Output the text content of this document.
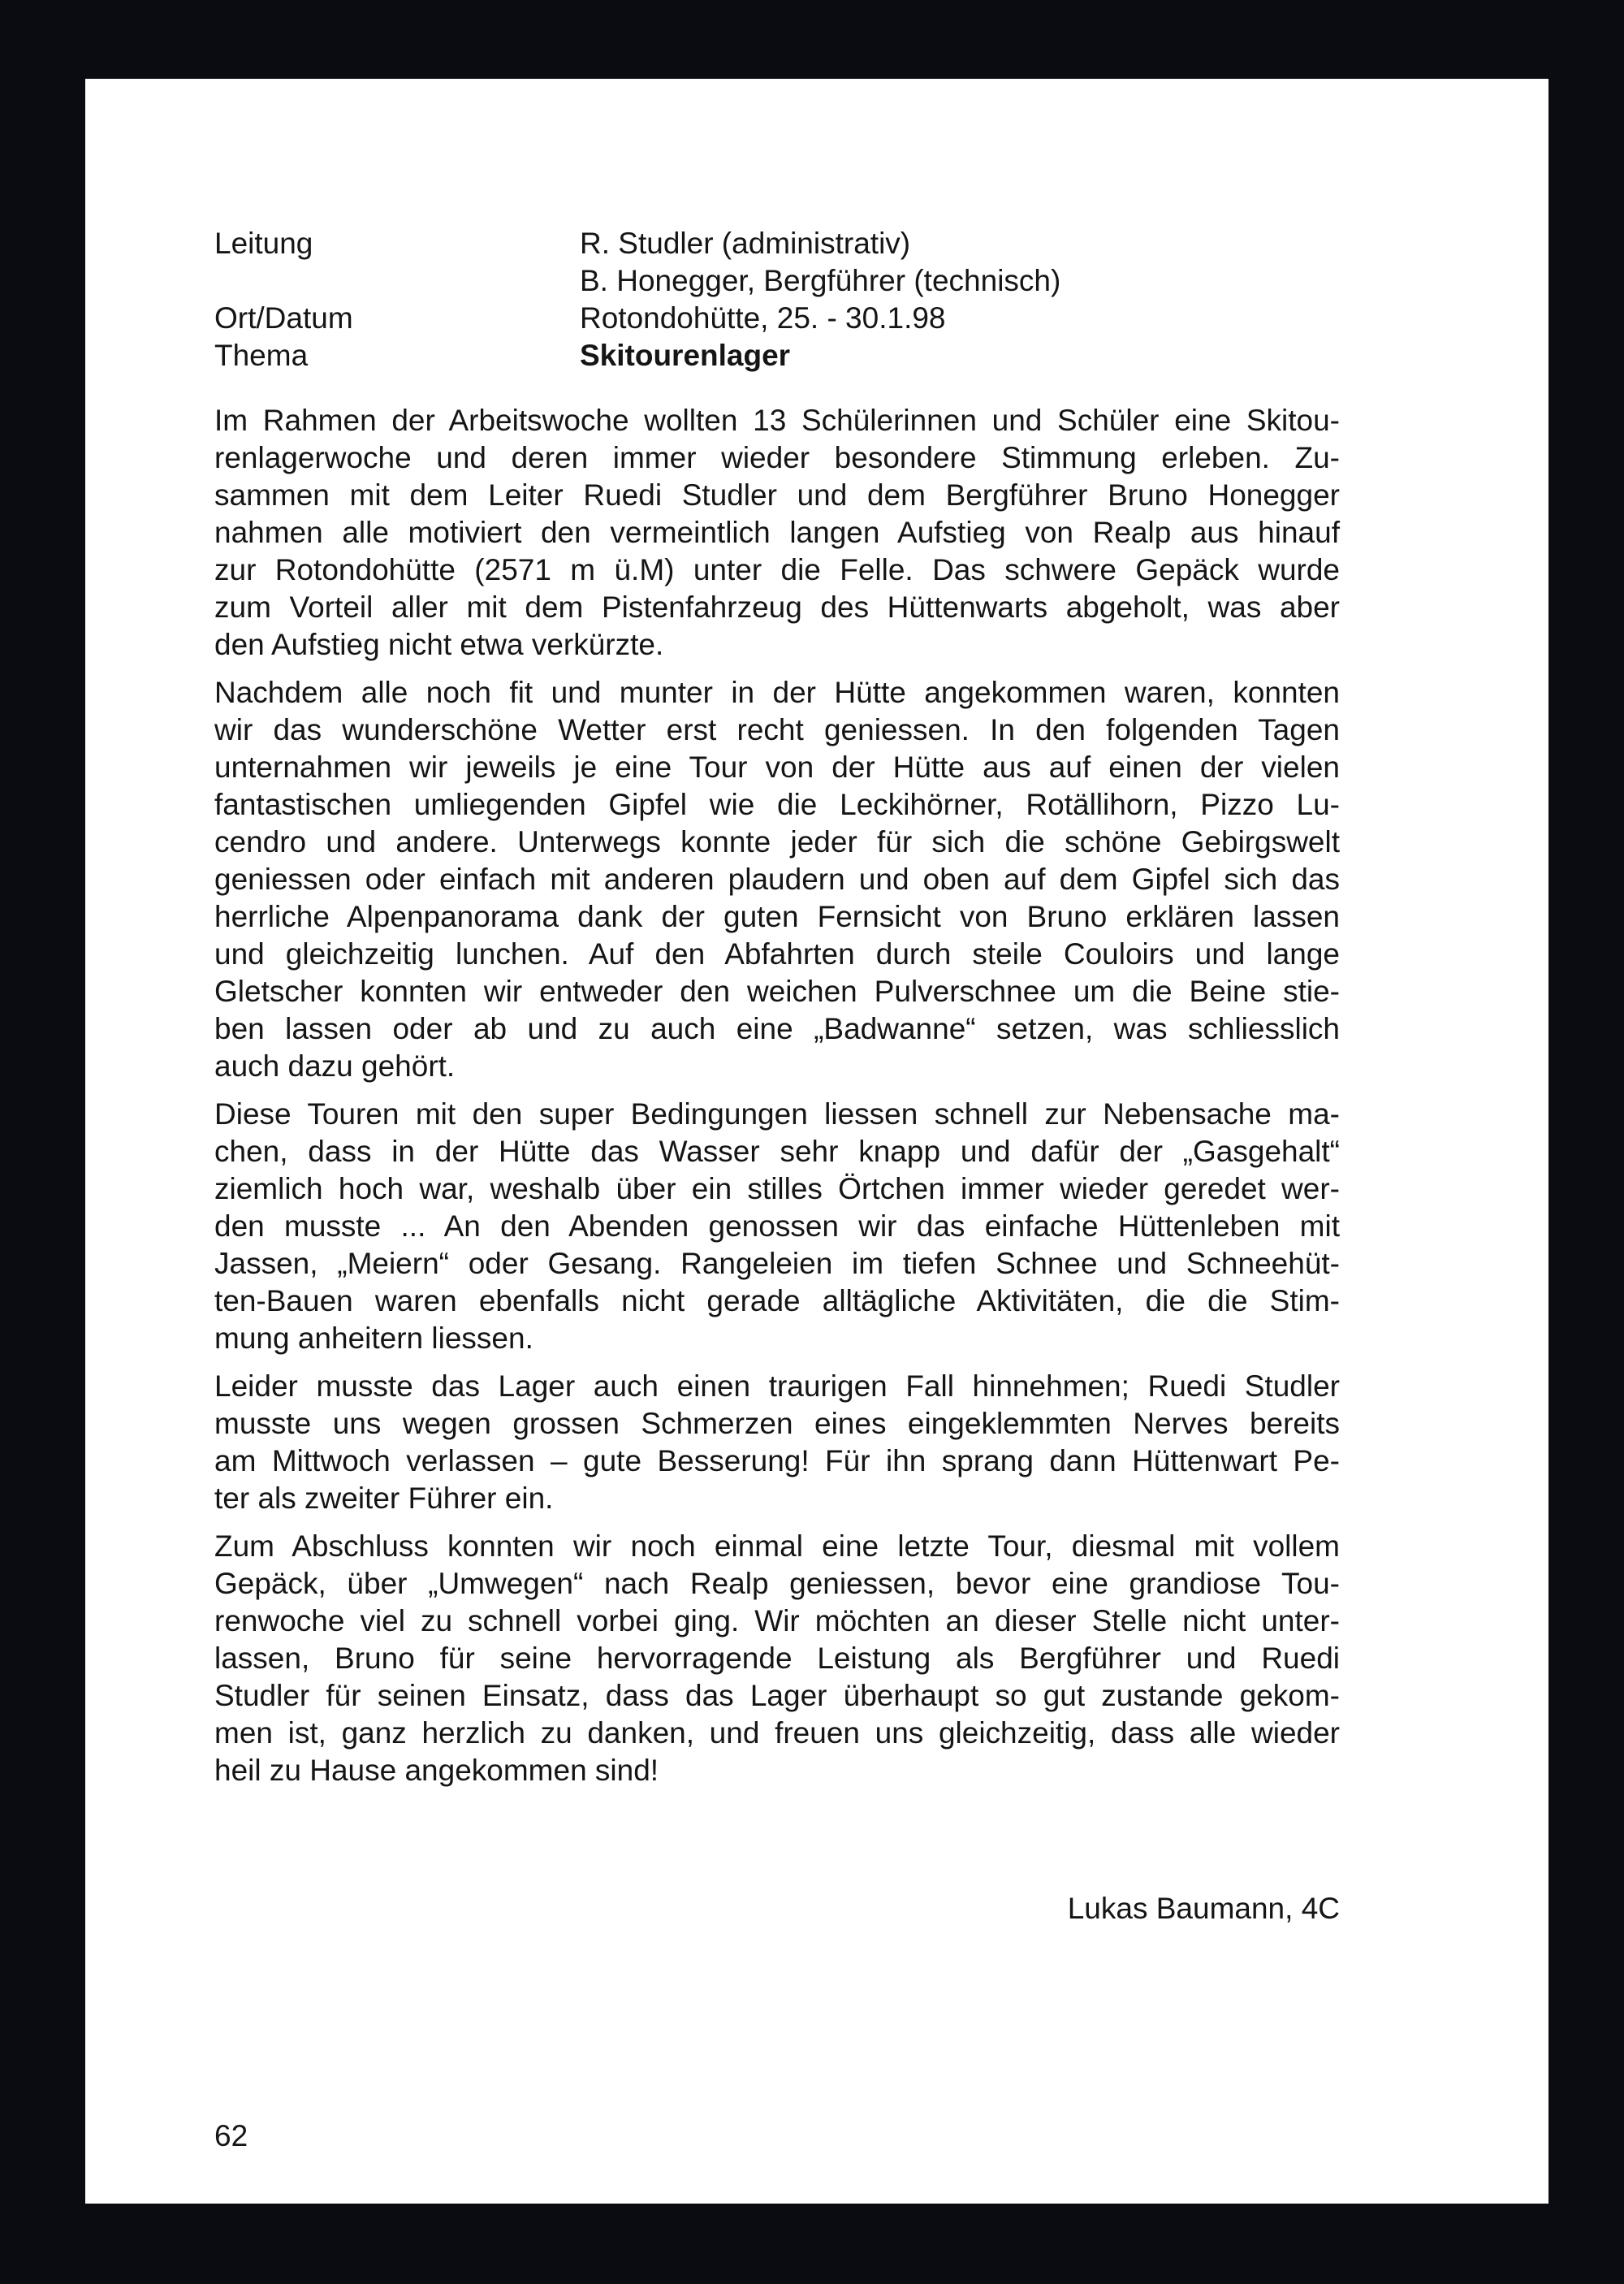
Leitung	R. Studler (administrativ)
B. Honegger, Bergführer (technisch)
Ort/Datum	Rotondohütte, 25. - 30.1.98
Thema	Skitourenlager
Im Rahmen der Arbeitswoche wollten 13 Schülerinnen und Schüler eine Skitou-
renlagerwoche und deren immer wieder besondere Stimmung erleben. Zu-
sammen mit dem Leiter Ruedi Studler und dem Bergführer Bruno Honegger
nahmen alle motiviert den vermeintlich langen Aufstieg von Realp aus hinauf
zur Rotondohütte (2571 m ü.M) unter die Felle. Das schwere Gepäck wurde
zum Vorteil aller mit dem Pistenfahrzeug des Hüttenwarts abgeholt, was aber
den Aufstieg nicht etwa verkürzte.
Nachdem alle noch fit und munter in der Hütte angekommen waren, konnten
wir das wunderschöne Wetter erst recht geniessen. In den folgenden Tagen
unternahmen wir jeweils je eine Tour von der Hütte aus auf einen der vielen
fantastischen umliegenden Gipfel wie die Leckihörner, Rotällihorn, Pizzo Lu-
cendro und andere. Unterwegs konnte jeder für sich die schöne Gebirgswelt
geniessen oder einfach mit anderen plaudern und oben auf dem Gipfel sich das
herrliche Alpenpanorama dank der guten Fernsicht von Bruno erklären lassen
und gleichzeitig lunchen. Auf den Abfahrten durch steile Couloirs und lange
Gletscher konnten wir entweder den weichen Pulverschnee um die Beine stie-
ben lassen oder ab und zu auch eine „Badwanne“ setzen, was schliesslich
auch dazu gehört.
Diese Touren mit den super Bedingungen liessen schnell zur Nebensache ma-
chen, dass in der Hütte das Wasser sehr knapp und dafür der „Gasgehalt“
ziemlich hoch war, weshalb über ein stilles Örtchen immer wieder geredet wer-
den musste ... An den Abenden genossen wir das einfache Hüttenleben mit
Jassen, „Meiern“ oder Gesang. Rangeleien im tiefen Schnee und Schneehüt-
ten-Bauen waren ebenfalls nicht gerade alltägliche Aktivitäten, die die Stim-
mung anheitern liessen.
Leider musste das Lager auch einen traurigen Fall hinnehmen; Ruedi Studler
musste uns wegen grossen Schmerzen eines eingeklemmten Nerves bereits
am Mittwoch verlassen – gute Besserung! Für ihn sprang dann Hüttenwart Pe-
ter als zweiter Führer ein.
Zum Abschluss konnten wir noch einmal eine letzte Tour, diesmal mit vollem
Gepäck, über „Umwegen“ nach Realp geniessen, bevor eine grandiose Tou-
renwoche viel zu schnell vorbei ging. Wir möchten an dieser Stelle nicht unter-
lassen, Bruno für seine hervorragende Leistung als Bergführer und Ruedi
Studler für seinen Einsatz, dass das Lager überhaupt so gut zustande gekom-
men ist, ganz herzlich zu danken, und freuen uns gleichzeitig, dass alle wieder
heil zu Hause angekommen sind!
Lukas Baumann, 4C
62
